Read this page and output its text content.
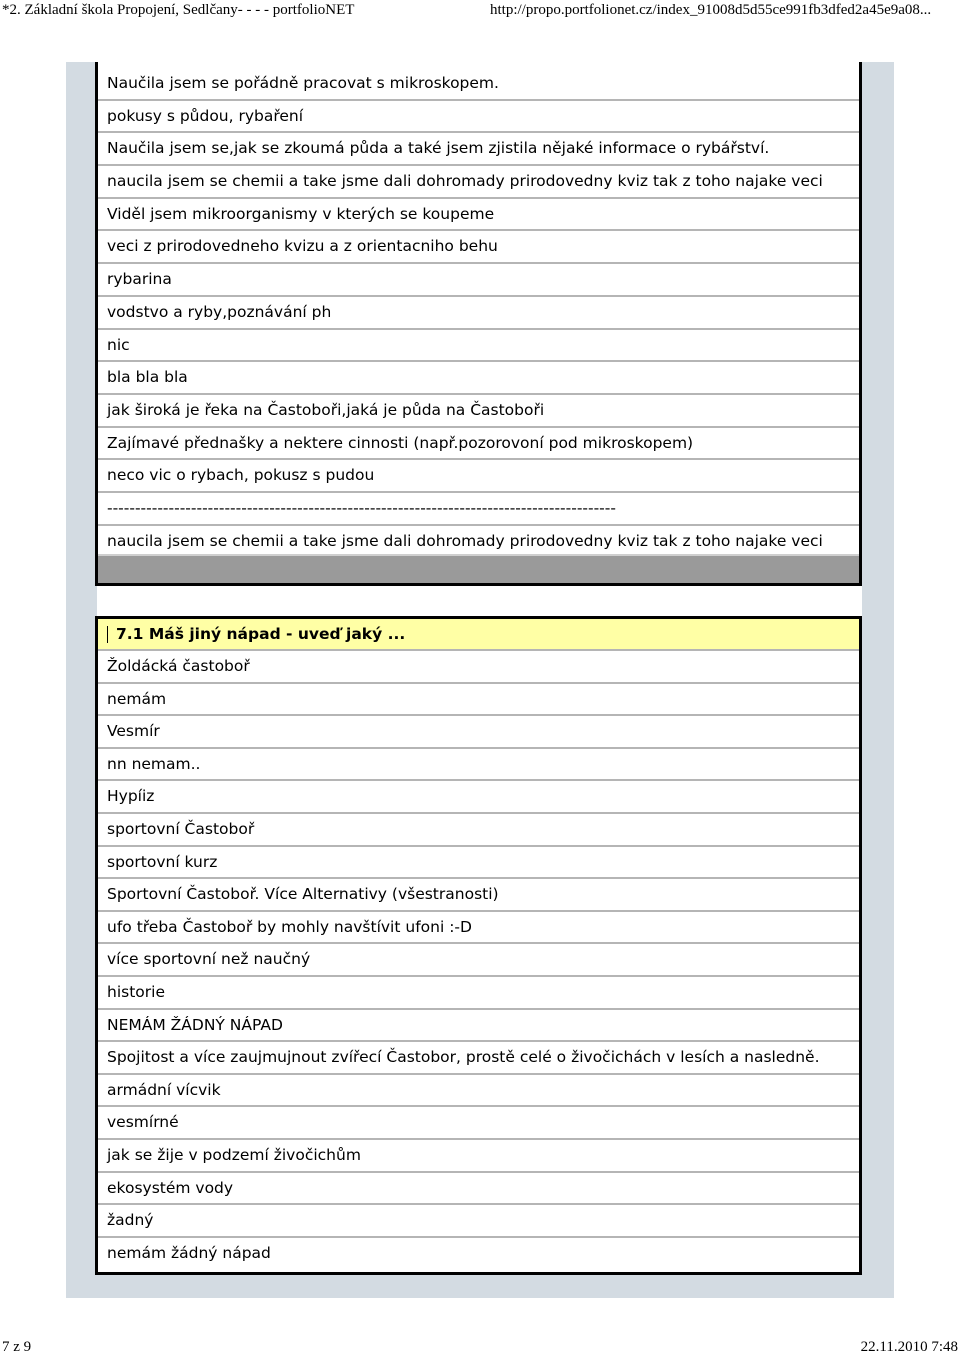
*2. Základní škola Propojení, Sedlčany- - - - portfolioNET	http://propo.portfolionet.cz/index_91008d5d55ce991fb3dfed2a45e9a08...
Naučila jsem se pořádně pracovat s mikroskopem.
pokusy s půdou, rybaření
Naučila jsem se,jak se zkoumá půda a také jsem zjistila nějaké informace o rybářství.
naucila jsem se chemii a take jsme dali dohromady prirodovedny kviz tak z toho najake veci
Viděl jsem mikroorganismy v kterých se koupeme
veci z prirodovedneho kvizu a z orientacniho behu
rybarina
vodstvo a ryby,poznávání ph
nic
bla bla bla
jak široká je řeka na Častoboři,jaká je půda na Častoboři
Zajímavé přednašky a nektere cinnosti (např.pozorovoní pod mikroskopem)
neco vic o rybach, pokusz s pudou
-------------------------------------------------------------------------------------------
naucila jsem se chemii a take jsme dali dohromady prirodovedny kviz tak z toho najake veci
7.1 Máš jiný nápad - uveď jaký ...
Žoldácká častoboř
nemám
Vesmír
nn nemam..
Hypíiz
sportovní Častoboř
sportovní kurz
Sportovní Častoboř. Více Alternativy (všestranosti)
ufo třeba Častoboř by mohly navštívit ufoni :-D
více sportovní než naučný
historie
NEMÁM ŽÁDNÝ NÁPAD
Spojitost a více zaujmujnout zvířecí Častobor, prostě celé o živočichách v lesích a nasledně.
armádní vícvik
vesmírné
jak se žije v podzemí živočichům
ekosystém vody
žadný
nemám žádný nápad
7 z 9	22.11.2010 7:48
